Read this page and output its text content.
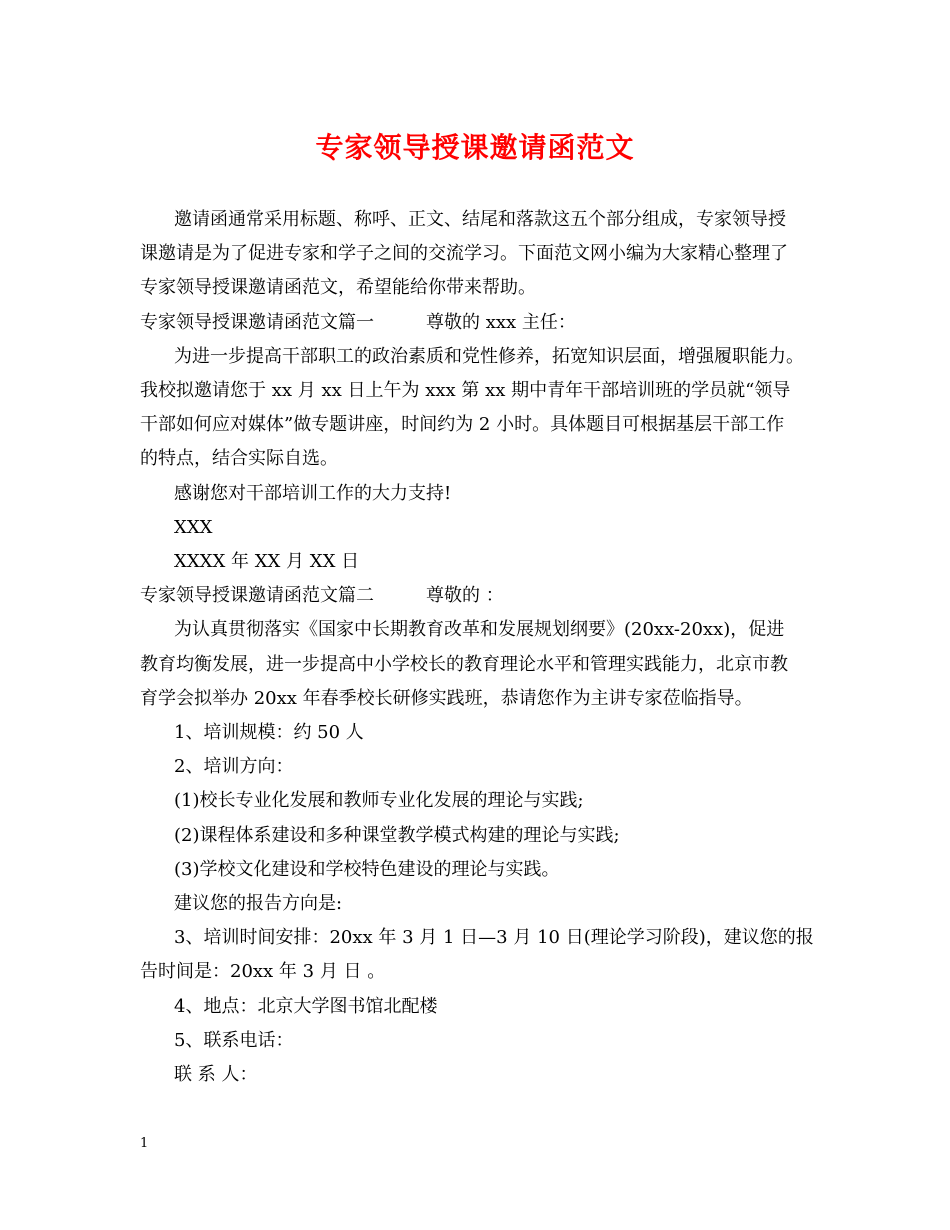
专家领导授课邀请函范文

邀请函通常采用标题、称呼、正文、结尾和落款这五个部分组成，专家领导授

课邀请是为了促进专家和学子之间的交流学习。下面范文网小编为大家精心整理了

专家领导授课邀请函范文，希望能给你带来帮助。

专家领导授课邀请函范文篇一	尊敬的 xxx 主任：

为进一步提高干部职工的政治素质和党性修养，拓宽知识层面，增强履职能力。

我校拟邀请您于 xx 月 xx 日上午为 xxx 第 xx 期中青年干部培训班的学员就“领导

干部如何应对媒体”做专题讲座，时间约为 2 小时。具体题目可根据基层干部工作

的特点，结合实际自选。

感谢您对干部培训工作的大力支持!

XXX

XXXX 年 XX 月 XX 日

专家领导授课邀请函范文篇二	尊敬的 ：

为认真贯彻落实《国家中长期教育改革和发展规划纲要》(20xx-20xx)，促进

教育均衡发展，进一步提高中小学校长的教育理论水平和管理实践能力，北京市教

育学会拟举办 20xx 年春季校长研修实践班，恭请您作为主讲专家莅临指导。

1、培训规模：约 50 人

2、培训方向：

(1)校长专业化发展和教师专业化发展的理论与实践;

(2)课程体系建设和多种课堂教学模式构建的理论与实践;

(3)学校文化建设和学校特色建设的理论与实践。

建议您的报告方向是:

3、培训时间安排：20xx 年 3 月 1 日—3 月 10 日(理论学习阶段)，建议您的报

告时间是：20xx 年 3 月 日 。

4、地点：北京大学图书馆北配楼

5、联系电话：

联 系 人：

1
